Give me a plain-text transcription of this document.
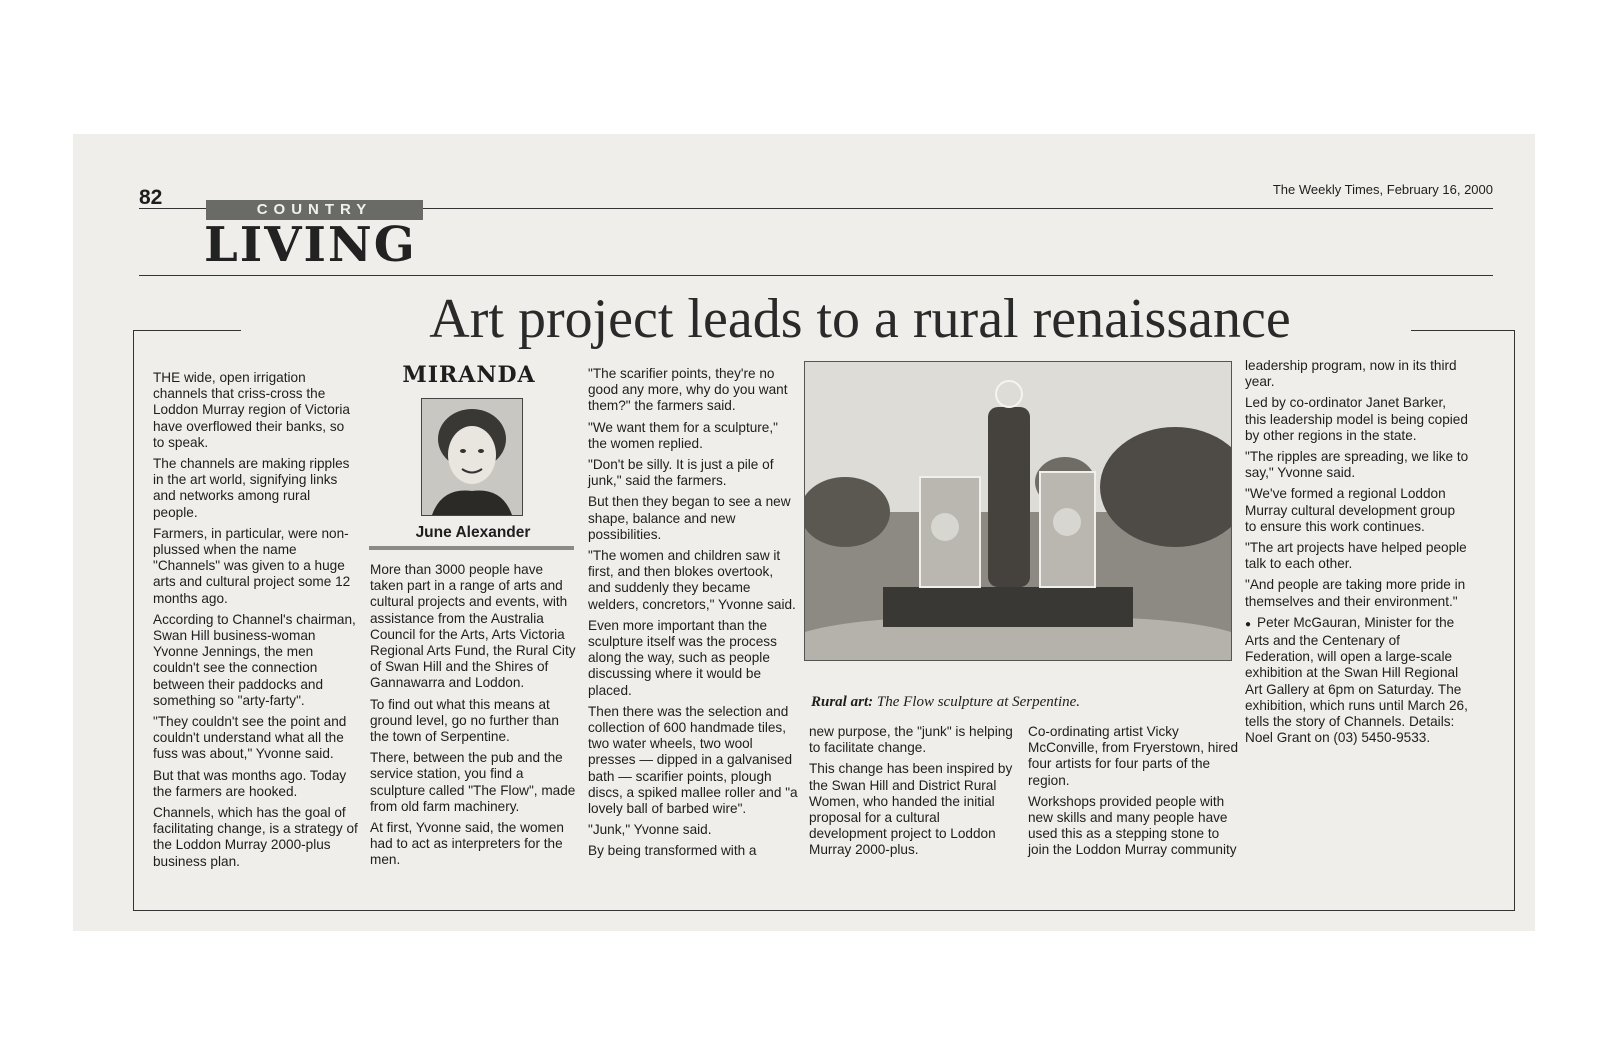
82	The Weekly Times, February 16, 2000
COUNTRY
LIVING
Art project leads to a rural renaissance

THE wide, open irrigation channels that criss-cross the Loddon Murray region of Victoria have overflowed their banks, so to speak.

The channels are making ripples in the art world, signifying links and networks among rural people.

Farmers, in particular, were non-plussed when the name "Channels" was given to a huge arts and cultural project some 12 months ago.

According to Channel's chairman, Swan Hill business-woman Yvonne Jennings, the men couldn't see the connection between their paddocks and something so "arty-farty".

"They couldn't see the point and couldn't understand what all the fuss was about," Yvonne said.

But that was months ago. Today the farmers are hooked.

Channels, which has the goal of facilitating change, is a strategy of the Loddon Murray 2000-plus business plan.

MIRANDA
June Alexander

More than 3000 people have taken part in a range of arts and cultural projects and events, with assistance from the Australia Council for the Arts, Arts Victoria Regional Arts Fund, the Rural City of Swan Hill and the Shires of Gannawarra and Loddon.

To find out what this means at ground level, go no further than the town of Serpentine.

There, between the pub and the service station, you find a sculpture called "The Flow", made from old farm machinery.

At first, Yvonne said, the women had to act as interpreters for the men.

"The scarifier points, they're no good any more, why do you want them?" the farmers said.

"We want them for a sculpture," the women replied.

"Don't be silly. It is just a pile of junk," said the farmers.

But then they began to see a new shape, balance and new possibilities.

"The women and children saw it first, and then blokes overtook, and suddenly they became welders, concretors," Yvonne said.

Even more important than the sculpture itself was the process along the way, such as people discussing where it would be placed.

Then there was the selection and collection of 600 handmade tiles, two water wheels, two wool presses — dipped in a galvanised bath — scarifier points, plough discs, a spiked mallee roller and "a lovely ball of barbed wire".

"Junk," Yvonne said.

By being transformed with a

Rural art: The Flow sculpture at Serpentine.

new purpose, the "junk" is helping to facilitate change.

This change has been inspired by the Swan Hill and District Rural Women, who handed the initial proposal for a cultural development project to Loddon Murray 2000-plus.

Co-ordinating artist Vicky McConville, from Fryerstown, hired four artists for four parts of the region.

Workshops provided people with new skills and many people have used this as a stepping stone to join the Loddon Murray community

leadership program, now in its third year.

Led by co-ordinator Janet Barker, this leadership model is being copied by other regions in the state.

"The ripples are spreading, we like to say," Yvonne said.

"We've formed a regional Loddon Murray cultural development group to ensure this work continues.

"The art projects have helped people talk to each other.

"And people are taking more pride in themselves and their environment."

● Peter McGauran, Minister for the Arts and the Centenary of Federation, will open a large-scale exhibition at the Swan Hill Regional Art Gallery at 6pm on Saturday. The exhibition, which runs until March 26, tells the story of Channels. Details: Noel Grant on (03) 5450-9533.
